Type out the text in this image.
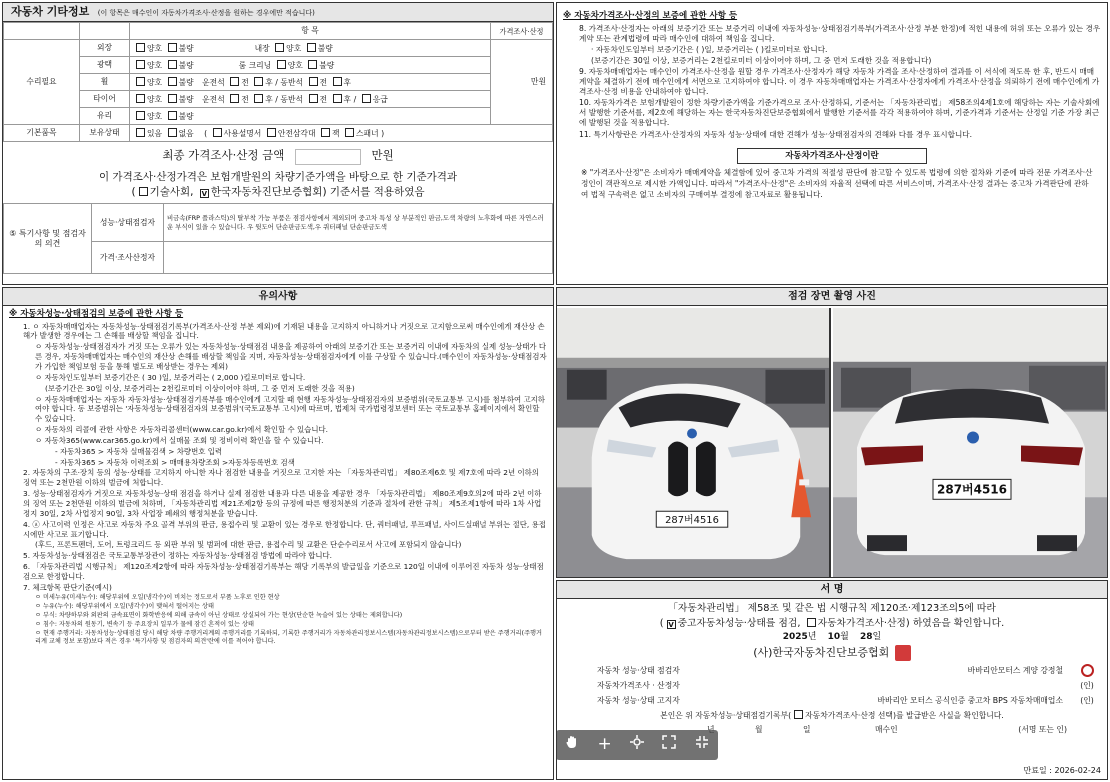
자동차 기타정보 (이 항목은 매수인이 자동차가격조사·산정을 원하는 경우에만 적습니다)
		항 목	가격조사·산정
수리필요	외장	양호 불량 내장 양호 불량	만원
	광택	양호 불량 룸 크리닝 양호 불량	
	휠	양호 불량 운전석 전 후 / 동반석 전 후	
	타이어	양호 불량 운전석 전 후 / 동반석 전 후 / 응급	
	유리	양호 불량	
기본품목	보유상태	있음 없음 ( 사용설명서 안전삼각대 잭 스패너 )	
최종 가격조사·산정 금액	만원
이 가격조사·산정가격은 보험개발원의 차량기준가액을 바탕으로 한 기준가격과
( 기술사회, V 한국자동차진단보증협회) 기준서를 적용하였음
⑤ 특기사항 및 점검자의 의견	성능·상태점검자	비금속(FRP 플라스틱)의 탈부착 가능 부품은 점검사항에서 제외되며 중고차 특성 상 부분적인 판금,도색 차량의 노후화에 따른 자연스러운 부식이 있을 수 있습니다. 우 뒷도어 단순판금도색,우 쿼터패널 단순판금도색
	가격·조사산정자	
※ 자동차가격조사·산정의 보증에 관한 사항 등

8. 가격조사·산정자는 아래의 보증기간 또는 보증거리 이내에 자동차성능·상태점검기록부(가격조사·산정 부분 한정)에 적힌 내용에 허위 또는 오류가 있는 경우 계약 또는 관계법령에 따라 매수인에 대하여 책임을 집니다.

· 자동차인도일부터 보증기간은 ( )일, 보증거리는 ( )킬로미터로 합니다.

(보증기간은 30일 이상, 보증거리는 2천킬로미터 이상이어야 하며, 그 중 먼저 도래한 것을 적용합니다)

9. 자동차매매업자는 매수인이 가격조사·산정을 원할 경우 가격조사·산정자가 해당 자동차 가격을 조사·산정하여 결과를 이 서식에 적도록 한 후, 반드시 매매계약을 체결하기 전에 매수인에게 서면으로 고지하여야 합니다. 이 경우 자동차매매업자는 가격조사·산정자에게 가격조사·산정을 의뢰하기 전에 매수인에게 가격조사·산정 비용을 안내하여야 합니다.

10. 자동차가격은 보험개발원이 정한 차량기준가액을 기준가격으로 조사·산정하되, 기준서는 「자동차관리법」 제58조의4제1호에 해당하는 자는 기술사회에서 발행한 기준서를, 제2호에 해당하는 자는 한국자동차진단보증협회에서 발행한 기준서를 각각 적용하여야 하며, 기준가격과 기준서는 산정일 기준 가장 최근에 발행된 것을 적용합니다.

11. 특기사항란은 가격조사·산정자의 자동차 성능·상태에 대한 견해가 성능·상태점검자의 견해와 다를 경우 표시합니다.

자동차가격조사·산정이란
※ "가격조사·산정"은 소비자가 매매계약을 체결함에 있어 중고차 가격의 적절성 판단에 참고할 수 있도록 법령에 의한 절차와 기준에 따라 전문 가격조사·산정인이 객관적으로 제시한 가액입니다. 따라서 "가격조사·산정"은 소비자의 자율적 선택에 따른 서비스이며, 가격조사·산정 결과는 중고차 가격판단에 관하여 법적 구속력은 없고 소비자의 구매여부 결정에 참고자료로 활용됩니다.
유의사항
※ 자동차성능·상태점검의 보증에 관한 사항 등

1. ㅇ 자동차매매업자는 자동차성능·상태점검기록부(가격조사·산정 부분 제외)에 기재된 내용을 고지하지 아니하거나 거짓으로 고지함으로써 매수인에게 재산상 손해가 발생한 경우에는 그 손해를 배상할 책임을 집니다.

ㅇ 자동차성능·상태점검자가 거짓 또는 오류가 있는 자동차성능·상태점검 내용을 제공하여 아래의 보증기간 또는 보증거리 이내에 자동차의 실제 성능·상태가 다른 경우, 자동차매매업자는 매수인의 재산상 손해를 배상할 책임을 지며, 자동차성능·상태점검자에게 이를 구상할 수 있습니다.(매수인이 자동차성능·상태점검자가 가입한 책임보험 등을 통해 별도로 배상받는 경우는 제외)

ㅇ 자동차인도일부터 보증기간은 ( 30 )일, 보증거리는 ( 2,000 )킬로미터로 합니다.

(보증기간은 30일 이상, 보증거리는 2천킬로미터 이상이어야 하며, 그 중 먼저 도래한 것을 적용)

ㅇ 자동차매매업자는 자동차 자동차성능·상태점검기록부를 매수인에게 고지할 때 현행 자동차성능·상태점검자의 보증범위(국토교통부 고시)를 첨부하여 고지하여야 합니다. 동 보증범위는 '자동차성능·상태점검자의 보증범위'(국토교통부 고시)에 따르며, 법제처 국가법령정보센터 또는 국토교통부 홈페이지에서 확인할 수 있습니다.

ㅇ 자동차의 리콜에 관한 사항은 자동차리콜센터(www.car.go.kr)에서 확인할 수 있습니다.

ㅇ 자동차365(www.car365.go.kr)에서 실매물 조회 및 정비이력 확인을 할 수 있습니다.

- 자동차365 > 자동차 실매물검색 > 차량번호 입력

- 자동차365 > 자동차 이력조회 > 매매용차량조회 >자동차등록번호 검색

2. 자동차의 구조·장치 등의 성능·상태를 고지하지 아니한 자나 점검한 내용을 거짓으로 고지한 자는 「자동차관리법」 제80조제6호 및 제7호에 따라 2년 이하의 징역 또는 2천만원 이하의 벌금에 처합니다.

3. 성능·상태점검자가 거짓으로 자동차성능·상태 점검을 하거나 실제 점검한 내용과 다른 내용을 제공한 경우 「자동차관리법」 제80조제9호의2에 따라 2년 이하의 징역 또는 2천만원 이하의 벌금에 처하며, 「자동차관리법 제21조제2항 등의 규정에 따른 행정처분의 기준과 절차에 관한 규칙」 제5조제1항에 따라 1차 사업정지 30일, 2차 사업정지 90일, 3차 사업장 폐쇄의 행정처분을 받습니다.

4. ⓐ 사고이력 인정은 사고로 자동차 주요 골격 부위의 판금, 용접수리 및 교환이 있는 경우로 한정합니다. 단, 쿼터패널, 루프패널, 사이드실패널 부위는 절단, 용접 시에만 사고로 표기합니다.

(후드, 프론트펜더, 도어, 트렁크리드 등 외판 부위 및 범퍼에 대한 판금, 용접수리 및 교환은 단순수리로서 사고에 포함되지 않습니다)

5. 자동차성능·상태점검은 국토교통부장관이 정하는 자동차성능·상태점검 방법에 따라야 합니다.

6. 「자동차관리법 시행규칙」 제120조제2항에 따라 자동차성능·상태점검기록부는 해당 기록부의 발급일을 기준으로 120일 이내에 이루어진 자동차 성능·상태점검으로 한정합니다.

7. 체크항목 판단기준(예시)

ㅇ 미세누유(미세누수): 해당부위에 오일(냉각수)이 비치는 정도로서 부품 노후로 인한 현상

ㅇ 누유(누수): 해당부위에서 오일(냉각수)이 맺혀서 떨어지는 상태

ㅇ 부식: 차량하부와 외판의 금속표면이 화학반응에 의해 금속이 아닌 상태로 상실되어 가는 현상(단순한 녹슬어 있는 상태는 제외합니다)

ㅇ 침수: 자동차의 원동기, 변속기 등 주요장치 일부가 물에 잠긴 흔적이 있는 상태

ㅇ 현재 주행거리: 자동차성능·상태점검 당시 해당 차량 주행거리계의 주행거리를 기록하되, 기록한 주행거리가 자동차관리정보시스템(자동차관리정보시스템)으로부터 받은 주행거리(주행거리계 교체 정보 포함)보다 적은 경우 '특기사항 및 점검자의 의견'란에 이를 적어야 합니다.

점검 장면 촬영 사진
287버4516
287버4516
서 명
「자동차관리법」 제58조 및 같은 법 시행규칙 제120조·제123조의5에 따라
( V 중고자동차성능·상태를 점검, 자동차가격조사·산정) 하였음을 확인합니다.
2025년 10월 28일
(사)한국자동차진단보증협회
자동차 성능·상태 점검자	바바리안모터스 계양 강정철	
자동차가격조사 · 산정자		(인)
자동차 성능·상태 고지자	바바리안 모터스 공식인증 중고차 BPS 자동차매매업소	(인)
본인은 위 자동차성능·상태점검기록부( 자동차가격조사·산정 선택)를 발급받은 사실을 확인합니다.
월	일	매수인	(서명 또는 인)
만료일 : 2026-02-24
+
